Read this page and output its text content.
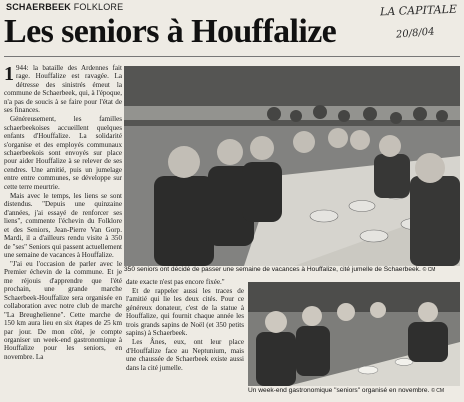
SCHAERBEEK FOLKLORE	LA CAPITALE
20/8/04
Les seniors à Houffalize

1 944: la bataille des Ardennes fait rage. Houffalize est ravagée. La détresse des sinistrés émeut la commune de Schaerbeek, qui, à l'époque, n'a pas de soucis à se faire pour l'état de ses finances.

Généreusement, les familles schaerbeekoises accueillent quelques enfants d'Houffalize. La solidarité s'organise et des employés communaux schaerbeekois sont envoyés sur place pour aider Houffalize à se relever de ses cendres. Une amitié, puis un jumelage entre entre communes, se développe sur cette terre meurtrie.

Mais avec le temps, les liens se sont distendus. "Depuis une quinzaine d'années, j'ai essayé de renforcer ses liens", commente l'échevin du Folklore et des Seniors, Jean-Pierre Van Gorp. Mardi, il a d'ailleurs rendu visite à 350 de "ses" Seniors qui passent actuellement une semaine de vacances à Houffalize.

"J'ai eu l'occasion de parler avec le Premier échevin de la commune. Et je me réjouis d'apprendre que l'été prochain, une grande marche Schaerbeek-Houffalize sera organisée en collaboration avec notre club de marche "La Breughelienne". Cette marche de 150 km aura lieu en six étapes de 25 km par jour. De mon côté, je compte organiser un week-end gastronomique à Houffalize pour les seniors, en novembre. La

350 seniors ont décidé de passer une semaine de vacances à Houffalize, cité jumelle de Schaerbeek. © CM

date exacte n'est pas encore fixée."

Et de rappeler aussi les traces de l'amitié qui lie les deux cités. Pour ce généreux donateur, c'est de la statue à Houffalize, qui fournit chaque année les trois grands sapins de Noël (et 350 petits sapins) à Schaerbeek.

Les Ânes, eux, ont leur place d'Houffalize face au Neptunium, mais une chaussée de Schaerbeek existe aussi dans la cité jumelle.

Un week-end gastronomique "seniors" organisé en novembre. © CM
